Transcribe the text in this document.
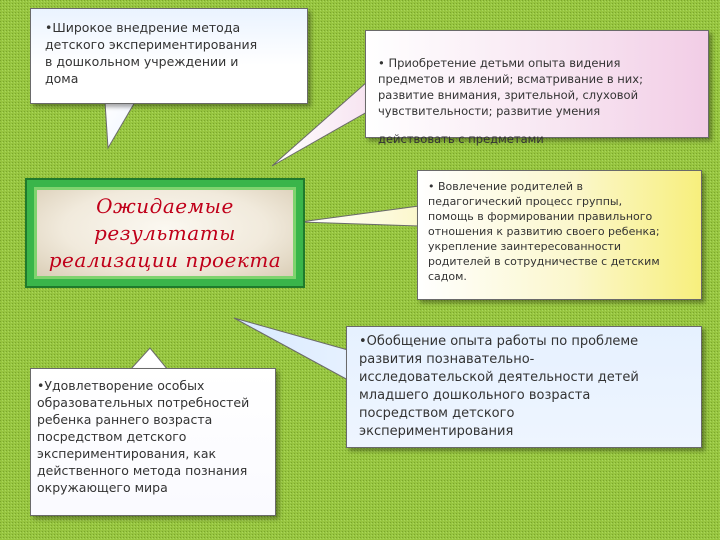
•Широкое внедрение метода
детского экспериментирования
в дошкольном учреждении и
дома

• Приобретение детьми опыта видения
предметов и явлений; всматривание в них;
развитие внимания, зрительной, слуховой
чувствительности; развитие умения

действовать с предметами

Ожидаемые
результаты
реализации проекта

• Вовлечение родителей в
педагогический процесс группы,
помощь в формировании правильного
отношения к развитию своего ребенка;
укрепление заинтересованности
родителей в сотрудничестве с детским
садом.

•Удовлетворение особых
образовательных потребностей
ребенка раннего возраста
посредством детского
экспериментирования, как
действенного метода познания
окружающего мира

•Обобщение опыта работы по проблеме
развития познавательно-
исследовательской деятельности детей
младшего дошкольного возраста
посредством детского
экспериментирования
